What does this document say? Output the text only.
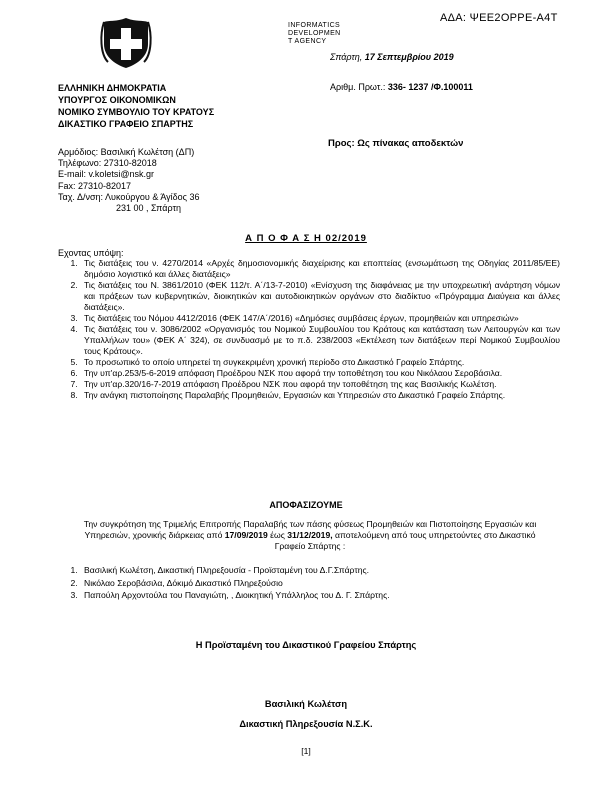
ΑΔΑ: ΨΕΕ2ΟΡΡΕ-Α4Τ
INFORMATICS
DEVELOPMEN
T AGENCY
Σπάρτη, 17 Σεπτεμβρίου 2019
Αριθμ. Πρωτ.: 336- 1237 /Φ.100011
ΕΛΛΗΝΙΚΗ ΔΗΜΟΚΡΑΤΙΑ
ΥΠΟΥΡΓΟΣ ΟΙΚΟΝΟΜΙΚΩΝ
ΝΟΜΙΚΟ ΣΥΜΒΟΥΛΙΟ ΤΟΥ ΚΡΑΤΟΥΣ
ΔΙΚΑΣΤΙΚΟ ΓΡΑΦΕΙΟ ΣΠΑΡΤΗΣ
Αρμόδιος: Βασιλική Κωλέτση (ΔΠ)
Τηλέφωνο: 27310-82018
E-mail: v.koletsi@nsk.gr
Fax: 27310-82017
Ταχ. Δ/νση: Λυκούργου & Άγίδος 36
231 00 , Σπάρτη
Προς: Ως πίνακας αποδεκτών
Α Π Ο Φ Α Σ Η 02/2019
Εχοντας υπόψη:
1. Τις διατάξεις του ν. 4270/2014 «Αρχές δημοσιονομικής διαχείρισης και εποπτείας (ενσωμάτωση της Οδηγίας 2011/85/ΕΕ) δημόσιο λογιστικό και άλλες διατάξεις»
2. Τις διατάξεις του Ν. 3861/2010 (ΦΕΚ 112/τ. Α΄/13-7-2010) «Ενίσχυση της διαφάνειας με την υποχρεωτική ανάρτηση νόμων και πράξεων των κυβερνητικών, διοικητικών και αυτοδιοικητικών οργάνων στο διαδίκτυο «Πρόγραμμα Διαύγεια και άλλες διατάξεις».
3. Τις διατάξεις του Νόμου 4412/2016 (ΦΕΚ 147/Α΄/2016) «Δημόσιες συμβάσεις έργων, προμηθειών και υπηρεσιών»
4. Τις διατάξεις του ν. 3086/2002 «Οργανισμός του Νομικού Συμβουλίου του Κράτους και κατάσταση των Λειτουργών και των Υπαλλήλων του» (ΦΕΚ Α΄ 324), σε συνδυασμό με το π.δ. 238/2003 «Εκτέλεση των διατάξεων περί Νομικού Συμβουλίου τους Κράτους».
5. Το προσωπικό το οποίο υπηρετεί τη συγκεκριμένη χρονική περίοδο στο Δικαστικό Γραφείο Σπάρτης.
6. Την υπ'αρ.253/5-6-2019 απόφαση Προέδρου ΝΣΚ που αφορά την τοποθέτηση του κου Νικόλαου Σεροβάσιλα.
7. Την υπ'αρ.320/16-7-2019 απόφαση Προέδρου ΝΣΚ που αφορά την τοποθέτηση της κας Βασιλικής Κωλέτση.
8. Την ανάγκη πιστοποίησης Παραλαβής Προμηθειών, Εργασιών και Υπηρεσιών στο Δικαστικό Γραφείο Σπάρτης.
ΑΠΟΦΑΣΙΖΟΥΜΕ
Την συγκρότηση της Τριμελής Επιτροπής Παραλαβής των πάσης φύσεως Προμηθειών και Πιστοποίησης Εργασιών και Υπηρεσιών, χρονικής διάρκειας από 17/09/2019 έως 31/12/2019, αποτελούμενη από τους υπηρετούντες στο Δικαστικό Γραφείο Σπάρτης :
1. Βασιλική Κωλέτση, Δικαστική Πληρεξουσία - Προϊσταμένη του Δ.Γ.Σπάρτης.
2. Νικόλαο Σεροβάσιλα, Δόκιμό Δικαστικό Πληρεξούσιο
3. Παπούλη Αρχοντούλα του Παναγιώτη, , Διοικητική Υπάλληλος του Δ. Γ. Σπάρτης.
Η Προϊσταμένη του Δικαστικού Γραφείου Σπάρτης
Βασιλική Κωλέτση
Δικαστική Πληρεξουσία Ν.Σ.Κ.
[1]
